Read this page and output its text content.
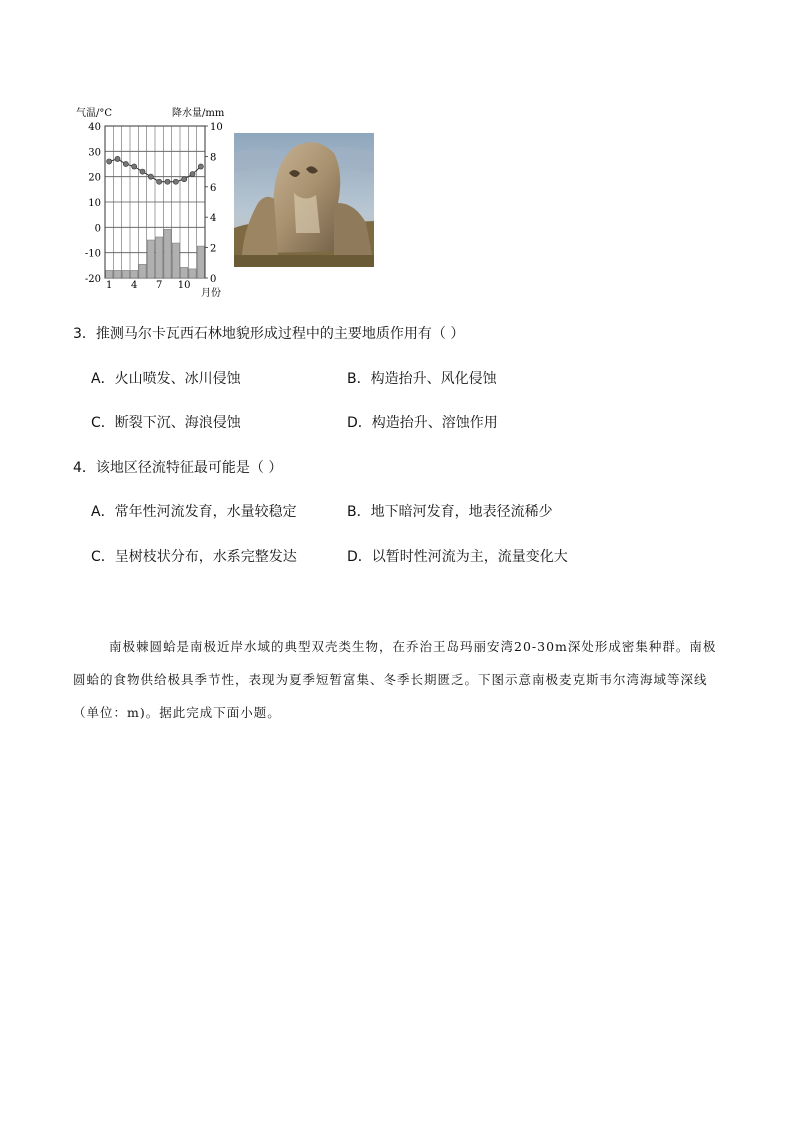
气温/°C	降水量/mm
40
30
20
10
0
-10
-20
10
8
6
4
2
0
1 4 7 10
月份
3．推测马尔卡瓦西石林地貌形成过程中的主要地质作用有（ ）
A．火山喷发、冰川侵蚀	B．构造抬升、风化侵蚀
C．断裂下沉、海浪侵蚀	D．构造抬升、溶蚀作用
4．该地区径流特征最可能是（ ）
A．常年性河流发育，水量较稳定	B．地下暗河发育，地表径流稀少
C．呈树枝状分布，水系完整发达	D．以暂时性河流为主，流量变化大
南极棘圆蛤是南极近岸水域的典型双壳类生物，在乔治王岛玛丽安湾20-30m深处形成密集种群。南极圆蛤的食物供给极具季节性，表现为夏季短暂富集、冬季长期匮乏。下图示意南极麦克斯韦尔湾海域等深线（单位：m)。据此完成下面小题。
